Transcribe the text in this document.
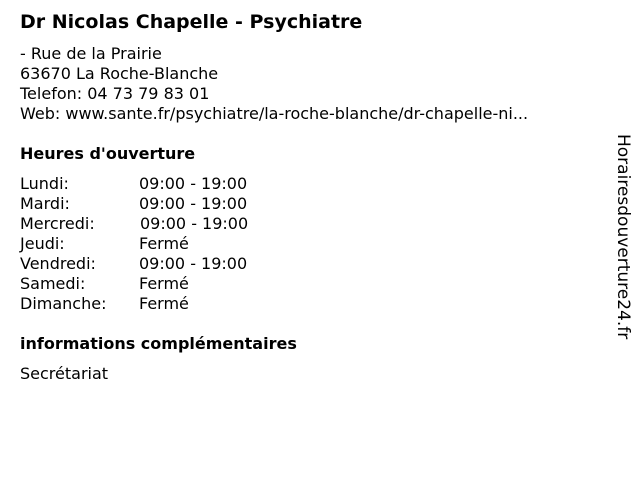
Dr Nicolas Chapelle - Psychiatre
- Rue de la Prairie
63670 La Roche-Blanche
Telefon: 04 73 79 83 01
Web: www.sante.fr/psychiatre/la-roche-blanche/dr-chapelle-ni...
Heures d'ouverture
Lundi:	09:00 - 19:00
Mardi:	09:00 - 19:00
Mercredi:	09:00 - 19:00
Jeudi:	Fermé
Vendredi:	09:00 - 19:00
Samedi:	Fermé
Dimanche: Fermé
informations complémentaires
Secrétariat
Horairesdouverture24.fr
